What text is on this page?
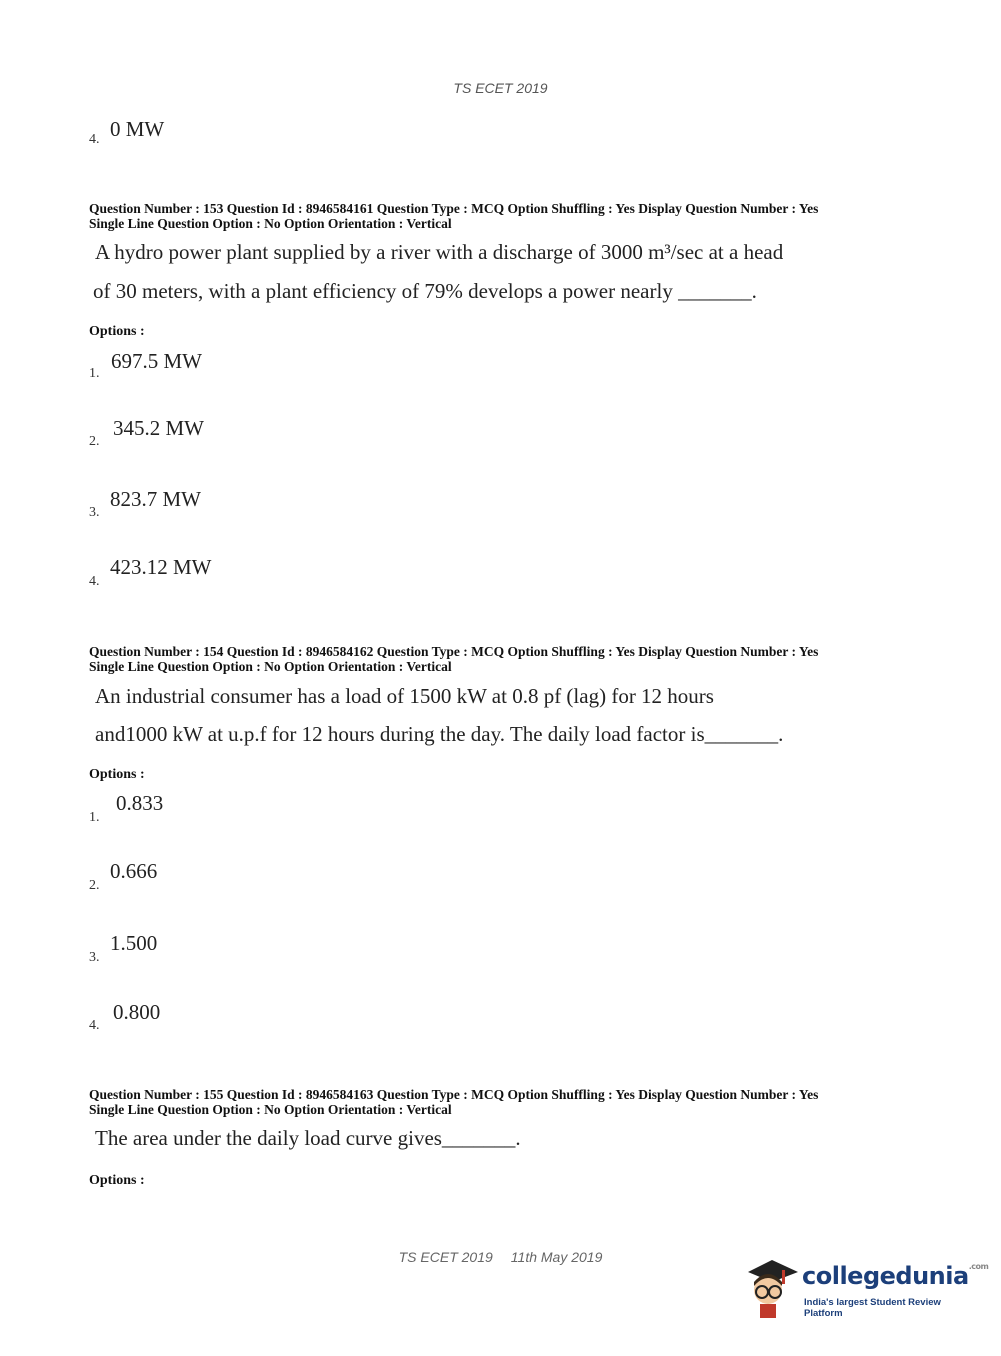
TS ECET 2019
4. 0 MW
Question Number : 153 Question Id : 8946584161 Question Type : MCQ Option Shuffling : Yes Display Question Number : Yes
Single Line Question Option : No Option Orientation : Vertical
A hydro power plant supplied by a river with a discharge of 3000 m³/sec at a head
of 30 meters, with a plant efficiency of 79% develops a power nearly _______.
Options :
1.
697.5 MW
2.
345.2 MW
3.
823.7 MW
4.
423.12 MW
Question Number : 154 Question Id : 8946584162 Question Type : MCQ Option Shuffling : Yes Display Question Number : Yes
Single Line Question Option : No Option Orientation : Vertical
An industrial consumer has a load of 1500 kW at 0.8 pf (lag) for 12 hours
and1000 kW at u.p.f for 12 hours during the day. The daily load factor is_______.
Options :
1.
0.833
2.
0.666
3.
1.500
4.
0.800
Question Number : 155 Question Id : 8946584163 Question Type : MCQ Option Shuffling : Yes Display Question Number : Yes
Single Line Question Option : No Option Orientation : Vertical
The area under the daily load curve gives_______.
Options :
TS ECET 2019 11th May 2019
collegedunia$^{.com}$
India's largest Student Review Platform
